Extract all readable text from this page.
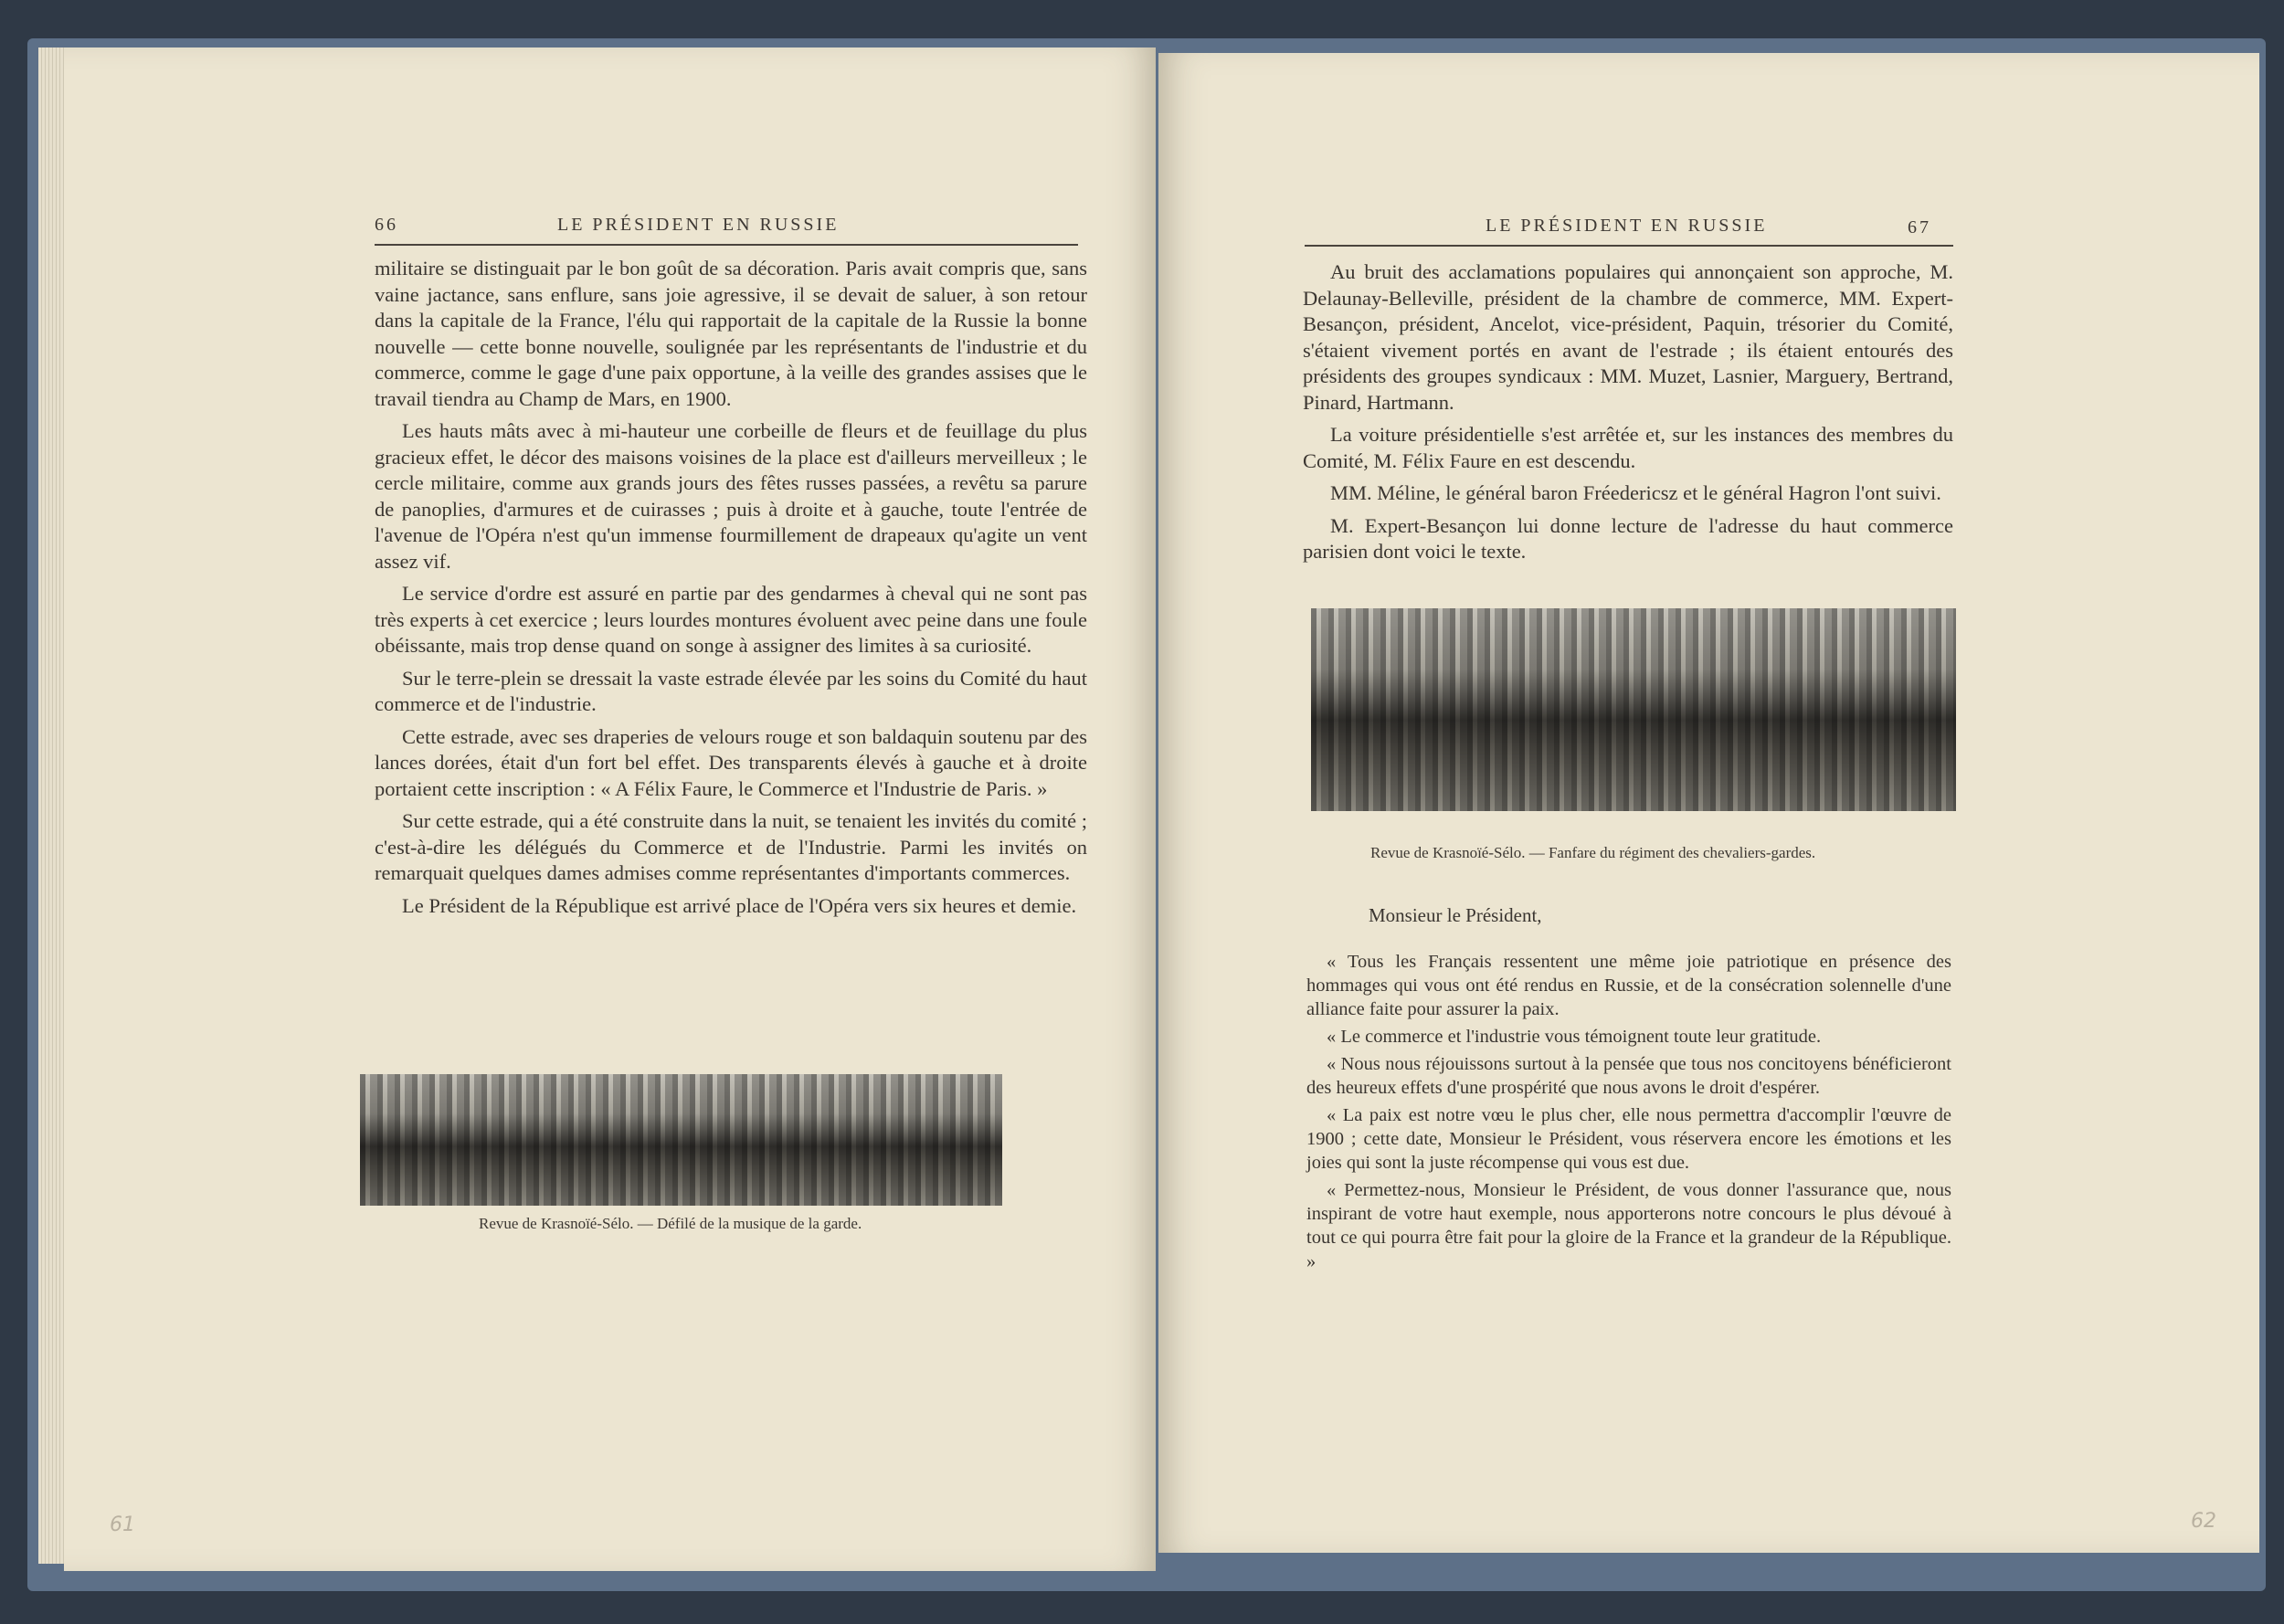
66	LE PRÉSIDENT EN RUSSIE

militaire se distinguait par le bon goût de sa décoration. Paris avait compris que, sans vaine jactance, sans enflure, sans joie agressive, il se devait de saluer, à son retour dans la capitale de la France, l'élu qui rapportait de la capitale de la Russie la bonne nouvelle — cette bonne nouvelle, soulignée par les représentants de l'industrie et du commerce, comme le gage d'une paix opportune, à la veille des grandes assises que le travail tiendra au Champ de Mars, en 1900.

Les hauts mâts avec à mi-hauteur une corbeille de fleurs et de feuillage du plus gracieux effet, le décor des maisons voisines de la place est d'ailleurs merveilleux ; le cercle militaire, comme aux grands jours des fêtes russes passées, a revêtu sa parure de panoplies, d'armures et de cuirasses ; puis à droite et à gauche, toute l'entrée de l'avenue de l'Opéra n'est qu'un immense fourmillement de drapeaux qu'agite un vent assez vif.

Le service d'ordre est assuré en partie par des gendarmes à cheval qui ne sont pas très experts à cet exercice ; leurs lourdes montures évoluent avec peine dans une foule obéissante, mais trop dense quand on songe à assigner des limites à sa curiosité.

Sur le terre-plein se dressait la vaste estrade élevée par les soins du Comité du haut commerce et de l'industrie.

Cette estrade, avec ses draperies de velours rouge et son baldaquin soutenu par des lances dorées, était d'un fort bel effet. Des transparents élevés à gauche et à droite portaient cette inscription : « A Félix Faure, le Commerce et l'Industrie de Paris. »

Sur cette estrade, qui a été construite dans la nuit, se tenaient les invités du comité ; c'est-à-dire les délégués du Commerce et de l'Industrie. Parmi les invités on remarquait quelques dames admises comme représentantes d'importants commerces.

Le Président de la République est arrivé place de l'Opéra vers six heures et demie.

Revue de Krasnoïé-Sélo. — Défilé de la musique de la garde.
61
LE PRÉSIDENT EN RUSSIE	67

Au bruit des acclamations populaires qui annonçaient son approche, M. Delaunay-Belleville, président de la chambre de commerce, MM. Expert-Besançon, président, Ancelot, vice-président, Paquin, trésorier du Comité, s'étaient vivement portés en avant de l'estrade ; ils étaient entourés des présidents des groupes syndicaux : MM. Muzet, Lasnier, Marguery, Bertrand, Pinard, Hartmann.

La voiture présidentielle s'est arrêtée et, sur les instances des membres du Comité, M. Félix Faure en est descendu.

MM. Méline, le général baron Fréedericsz et le général Hagron l'ont suivi.

M. Expert-Besançon lui donne lecture de l'adresse du haut commerce parisien dont voici le texte.

Revue de Krasnoïé-Sélo. — Fanfare du régiment des chevaliers-gardes.
Monsieur le Président,

« Tous les Français ressentent une même joie patriotique en présence des hommages qui vous ont été rendus en Russie, et de la consécration solennelle d'une alliance faite pour assurer la paix.

« Le commerce et l'industrie vous témoignent toute leur gratitude.

« Nous nous réjouissons surtout à la pensée que tous nos concitoyens bénéficieront des heureux effets d'une prospérité que nous avons le droit d'espérer.

« La paix est notre vœu le plus cher, elle nous permettra d'accomplir l'œuvre de 1900 ; cette date, Monsieur le Président, vous réservera encore les émotions et les joies qui sont la juste récompense qui vous est due.

« Permettez-nous, Monsieur le Président, de vous donner l'assurance que, nous inspirant de votre haut exemple, nous apporterons notre concours le plus dévoué à tout ce qui pourra être fait pour la gloire de la France et la grandeur de la République. »

62
